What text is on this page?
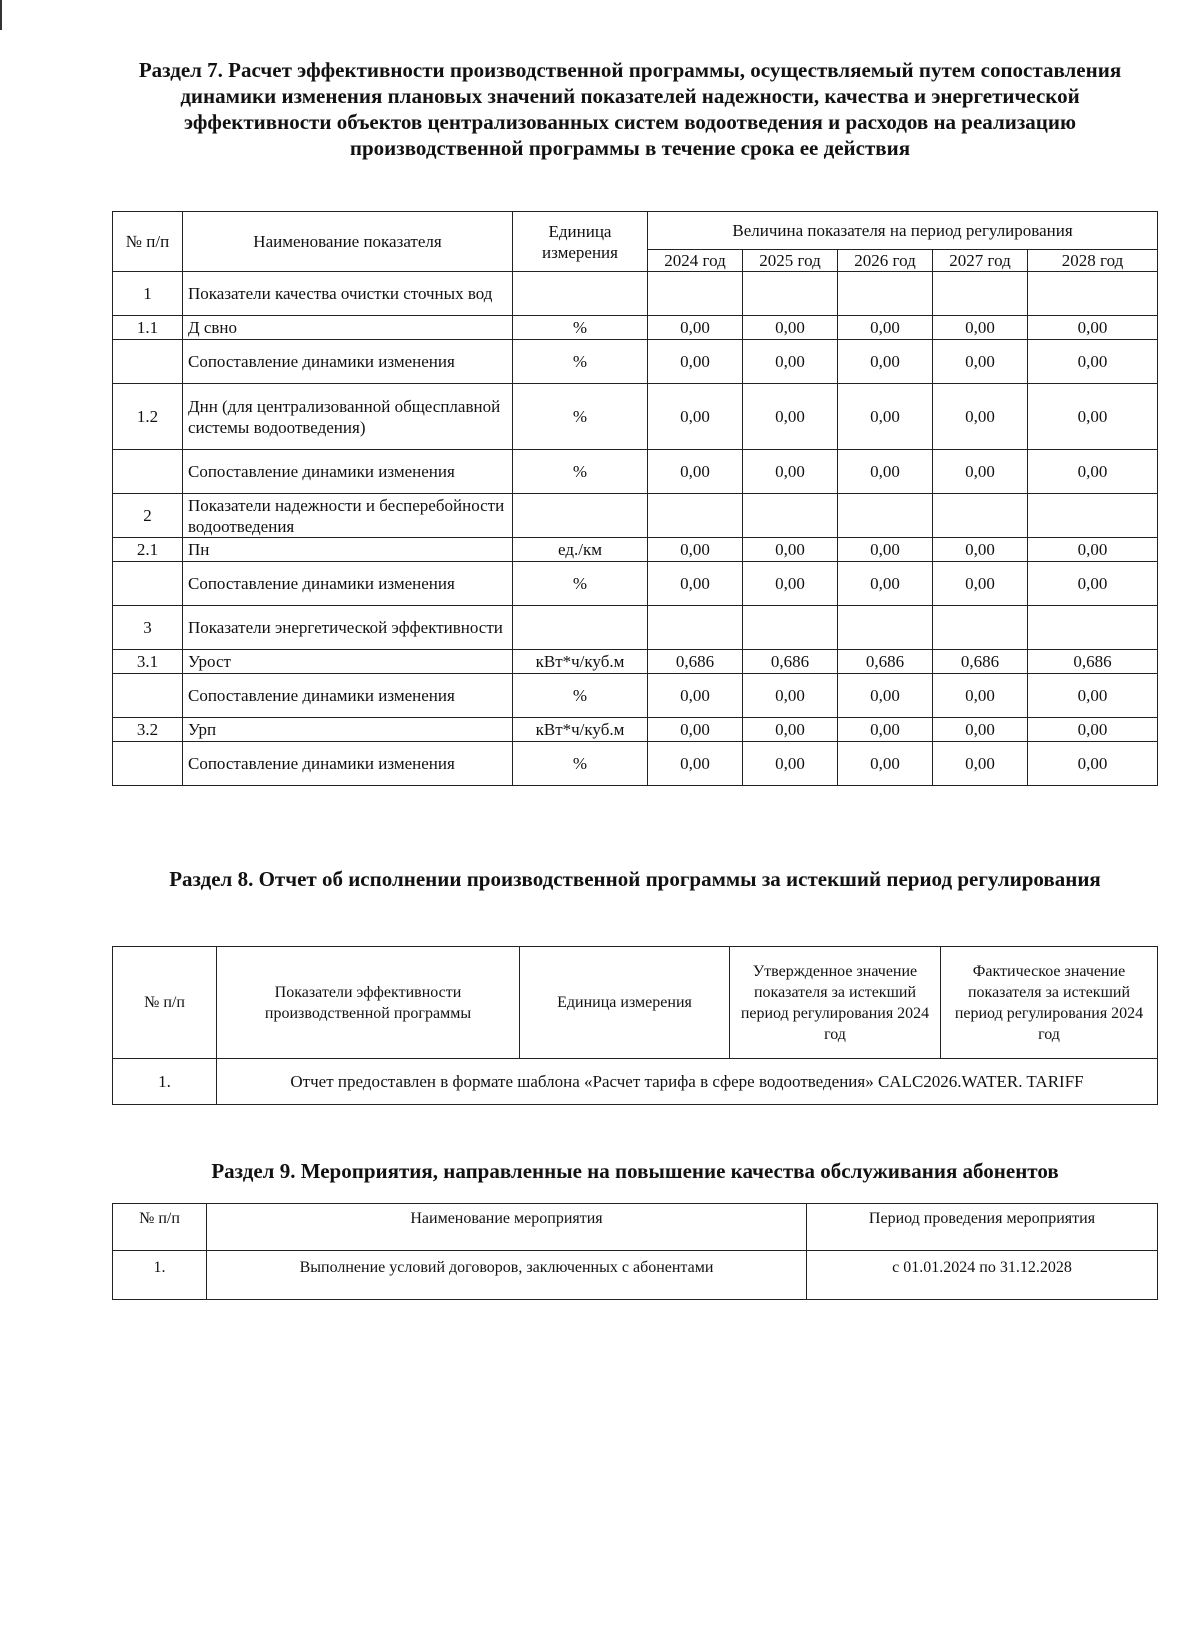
Раздел 7. Расчет эффективности производственной программы, осуществляемый путем сопоставления динамики изменения плановых значений показателей надежности, качества и энергетической эффективности объектов централизованных систем водоотведения и расходов на реализацию производственной программы в течение срока ее действия
№ п/п	Наименование показателя	Единица измерения	Величина показателя на период регулирования				
			2024 год	2025 год	2026 год	2027 год	2028 год
1	Показатели качества очистки сточных вод						
1.1	Д свно	%	0,00	0,00	0,00	0,00	0,00
	Сопоставление динамики изменения	%	0,00	0,00	0,00	0,00	0,00
1.2	Днн (для централизованной общесплавной системы водоотведения)	%	0,00	0,00	0,00	0,00	0,00
	Сопоставление динамики изменения	%	0,00	0,00	0,00	0,00	0,00
2	Показатели надежности и бесперебойности водоотведения						
2.1	Пн	ед./км	0,00	0,00	0,00	0,00	0,00
	Сопоставление динамики изменения	%	0,00	0,00	0,00	0,00	0,00
3	Показатели энергетической эффективности						
3.1	Урост	кВт*ч/куб.м	0,686	0,686	0,686	0,686	0,686
	Сопоставление динамики изменения	%	0,00	0,00	0,00	0,00	0,00
3.2	Урп	кВт*ч/куб.м	0,00	0,00	0,00	0,00	0,00
	Сопоставление динамики изменения	%	0,00	0,00	0,00	0,00	0,00
Раздел 8. Отчет об исполнении производственной программы за истекший период регулирования
№ п/п	Показатели эффективности производственной программы	Единица измерения	Утвержденное значение показателя за истекший период регулирования 2024 год	Фактическое значение показателя за истекший период регулирования 2024 год
1.	Отчет предоставлен в формате шаблона «Расчет тарифа в сфере водоотведения» CALC2026.WATER. TARIFF			
Раздел 9. Мероприятия, направленные на повышение качества обслуживания абонентов
№ п/п	Наименование мероприятия	Период проведения мероприятия
1.	Выполнение условий договоров, заключенных с абонентами	с 01.01.2024 по 31.12.2028
